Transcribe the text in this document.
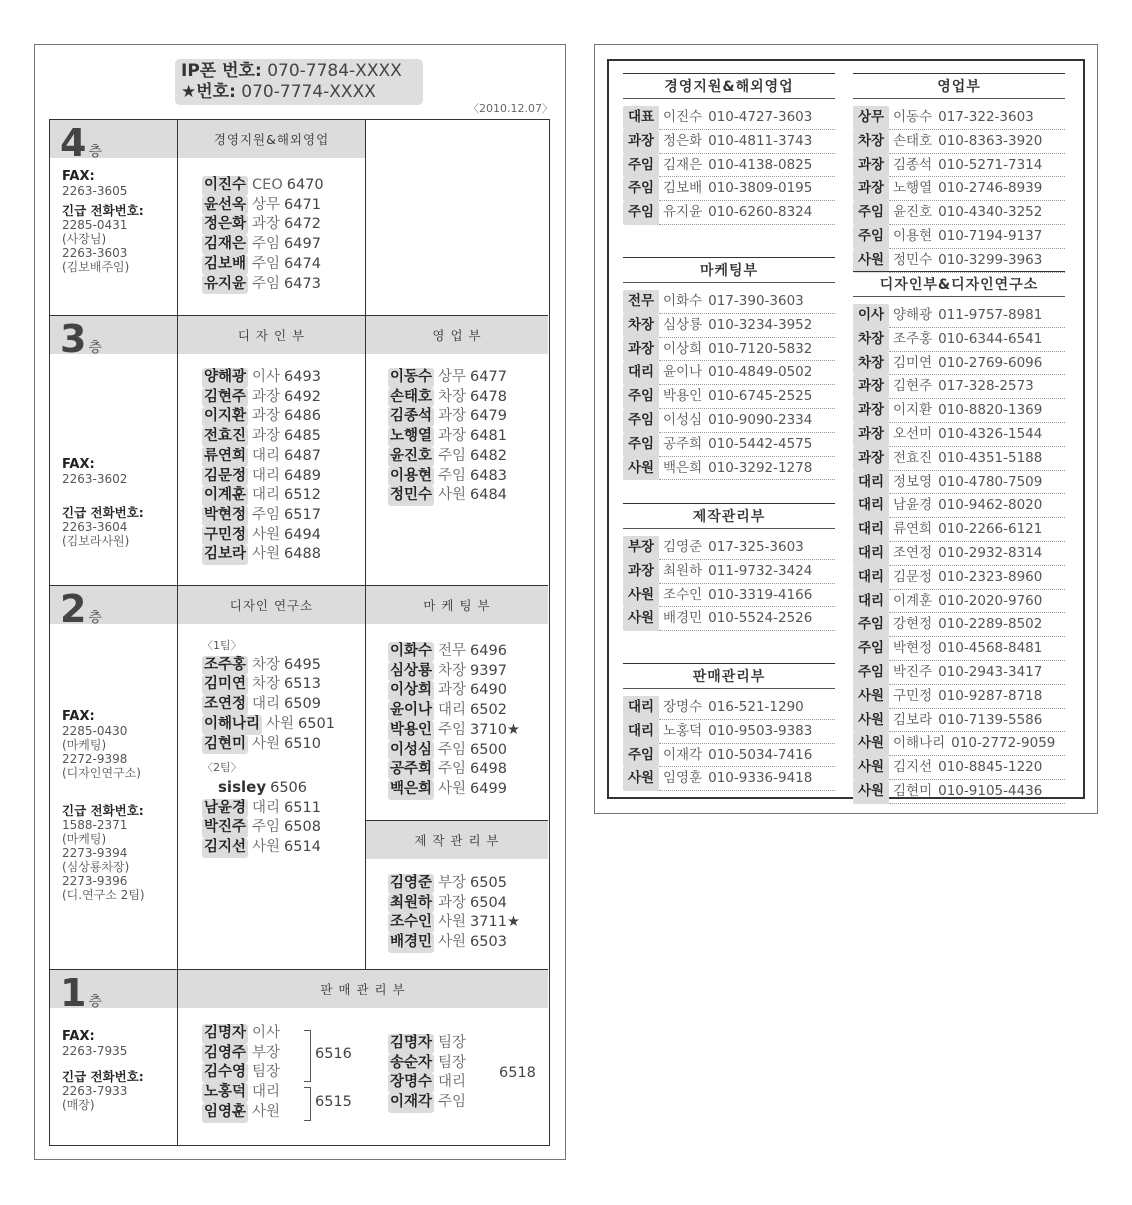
IP폰 번호: 070-7784-XXXX
★번호: 070-7774-XXXX
〈2010.12.07〉
4 층
FAX:
2263-3605
긴급 전화번호:
2285-0431
(사장님)
2263-3603
(김보배주임)
경영지원&해외영업
이진수 CEO 6470
윤선옥 상무 6471
정은화 과장 6472
김재은 주임 6497
김보배 주임 6474
유지윤 주임 6473
3 층
FAX:
2263-3602
긴급 전화번호:
2263-3604
(김보라사원)
디 자 인 부	영 업 부
양해광 이사 6493
김현주 과장 6492
이지환 과장 6486
전효진 과장 6485
류연희 대리 6487
김문정 대리 6489
이계훈 대리 6512
박현정 주임 6517
구민정 사원 6494
김보라 사원 6488
이동수 상무 6477
손태호 차장 6478
김종석 과장 6479
노행열 과장 6481
윤진호 주임 6482
이용현 주임 6483
정민수 사원 6484
2 층
FAX:
2285-0430
(마케팅)
2272-9398
(디자인연구소)
긴급 전화번호:
1588-2371
(마케팅)
2273-9394
(심상룡차장)
2273-9396
(디.연구소 2팀)
디자인 연구소	마 케 팅 부
제 작 관 리 부
〈1팀〉
조주홍 차장 6495
김미연 차장 6513
조연정 대리 6509
이해나리 사원 6501
김현미 사원 6510
〈2팀〉
sisley 6506
남윤경 대리 6511
박진주 주임 6508
김지선 사원 6514
이화수 전무 6496
심상룡 차장 9397
이상희 과장 6490
윤이나 대리 6502
박용인 주임 3710★
이성심 주임 6500
공주희 주임 6498
백은희 사원 6499
김영준 부장 6505
최원하 과장 6504
조수인 사원 3711★
배경민 사원 6503
1 층
FAX:
2263-7935
긴급 전화번호:
2263-7933
(매장)
판 매 관 리 부
김명자 이사
김영주 부장
김수영 팀장
노홍덕 대리
임영훈 사원
6516
6515
김명자 팀장
송순자 팀장
장명수 대리
이재각 주임
6518
경영지원&해외영업
대표 이진수 010-4727-3603
과장 정은화 010-4811-3743
주임 김재은 010-4138-0825
주임 김보배 010-3809-0195
주임 유지윤 010-6260-8324
마케팅부
전무 이화수 017-390-3603
차장 심상룡 010-3234-3952
과장 이상희 010-7120-5832
대리 윤이나 010-4849-0502
주임 박용인 010-6745-2525
주임 이성심 010-9090-2334
주임 공주희 010-5442-4575
사원 백은희 010-3292-1278
제작관리부
부장 김영준 017-325-3603
과장 최원하 011-9732-3424
사원 조수인 010-3319-4166
사원 배경민 010-5524-2526
판매관리부
대리 장명수 016-521-1290
대리 노홍덕 010-9503-9383
주임 이재각 010-5034-7416
사원 임영훈 010-9336-9418
영업부
상무 이동수 017-322-3603
차장 손태호 010-8363-3920
과장 김종석 010-5271-7314
과장 노행열 010-2746-8939
주임 윤진호 010-4340-3252
주임 이용현 010-7194-9137
사원 정민수 010-3299-3963
디자인부&디자인연구소
이사 양해광 011-9757-8981
차장 조주홍 010-6344-6541
차장 김미연 010-2769-6096
과장 김현주 017-328-2573
과장 이지환 010-8820-1369
과장 오선미 010-4326-1544
과장 전효진 010-4351-5188
대리 정보영 010-4780-7509
대리 남윤경 010-9462-8020
대리 류연희 010-2266-6121
대리 조연정 010-2932-8314
대리 김문정 010-2323-8960
대리 이계훈 010-2020-9760
주임 강현정 010-2289-8502
주임 박현정 010-4568-8481
주임 박진주 010-2943-3417
사원 구민정 010-9287-8718
사원 김보라 010-7139-5586
사원 이해나리 010-2772-9059
사원 김지선 010-8845-1220
사원 김현미 010-9105-4436
